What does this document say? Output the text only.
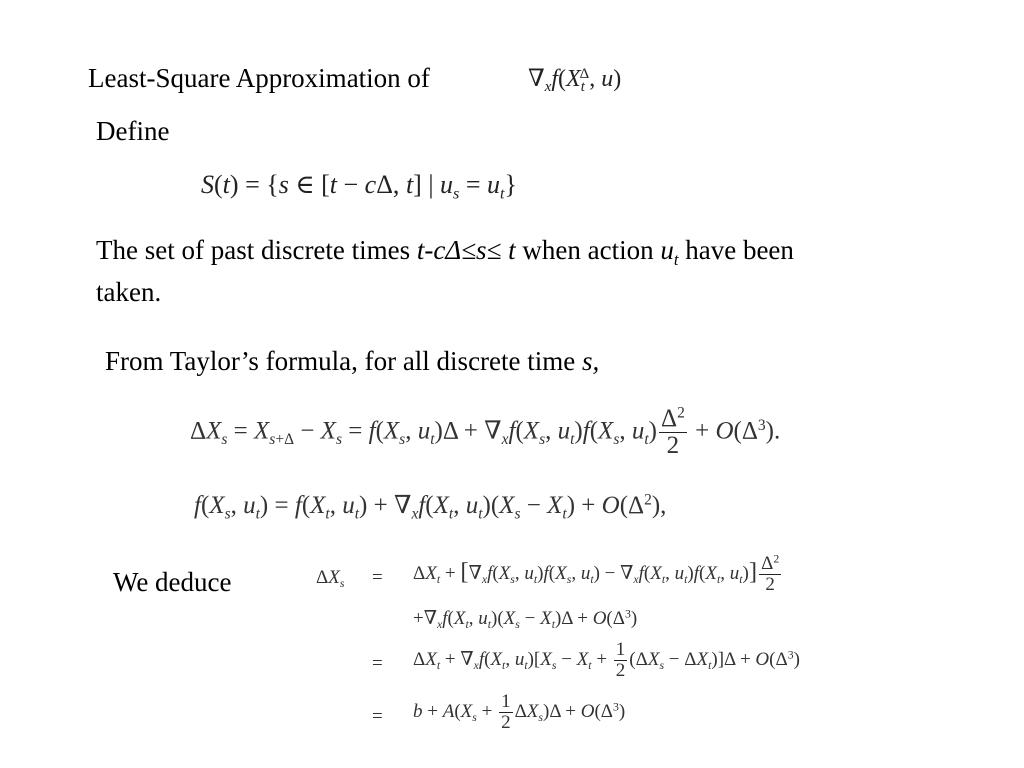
Least-Square Approximation of	$\nabla_xf(X_t^\Delta$, u)
Define
S(t) = {s ∈ [t − cΔ, t] | $u_s = u_t$}
The set of past discrete times t-cΔ≤s≤ t when action $u_t$ have been
taken.
From Taylor’s formula, for all discrete time s,
$\Delta X_s = X_{s+\Delta} - X_s = f(X_s$, $u_t)\Delta + \nabla_xf(X_s$, $u_t)f(X_s$, $u_t) \frac{\Delta^2}{2} + O(\Delta^3)$.
$f(X_s$, $u_t) = f(X_t$, $u_t) + \nabla_xf(X_t$, $u_t)(X_s - X_t) + O(\Delta^2)$,
We deduce	$\Delta X_s = \Delta X_t + [\nabla_xf(X_s$, $u_t)f(X_s$, $u_t) - \nabla_xf(X_t$, $u_t)f(X_t$, $u_t)] \frac{\Delta^2}{2}$
$+\nabla_xf(X_t$, $u_t)(X_s - X_t)\Delta + O(\Delta^3)$
= $\Delta X_t + \nabla_xf(X_t$, $u_t)[X_s - X_t + \frac{1}{2} (\Delta X_s - \Delta X_t)]\Delta + O(\Delta^3)$
= $b + A(X_s + \frac{1}{2} \Delta X_s)\Delta + O(\Delta^3)$
